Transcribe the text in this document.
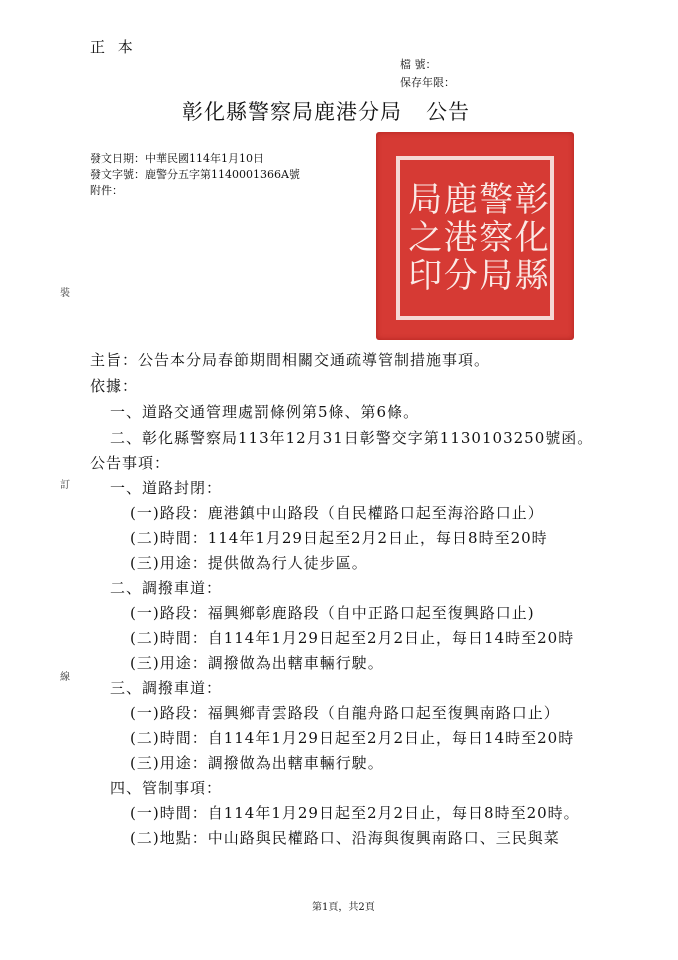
正 本
檔 號：
保存年限：
彰化縣警察局鹿港分局 公告
發文日期：中華民國114年1月10日
發文字號：鹿警分五字第1140001366A號
附件：	彰化縣
警察局
鹿港分
局之印
裝
訂
線
主旨：公告本分局春節期間相關交通疏導管制措施事項。
依據：
一、道路交通管理處罰條例第5條、第6條。
二、彰化縣警察局113年12月31日彰警交字第1130103250號函。
公告事項：
一、道路封閉：
(一)路段：鹿港鎮中山路段（自民權路口起至海浴路口止）
(二)時間：114年1月29日起至2月2日止，每日8時至20時
(三)用途：提供做為行人徒步區。
二、調撥車道：
(一)路段：福興鄉彰鹿路段（自中正路口起至復興路口止)
(二)時間：自114年1月29日起至2月2日止，每日14時至20時
(三)用途：調撥做為出轄車輛行駛。
三、調撥車道：
(一)路段：福興鄉青雲路段（自龍舟路口起至復興南路口止）
(二)時間：自114年1月29日起至2月2日止，每日14時至20時
(三)用途：調撥做為出轄車輛行駛。
四、管制事項：
(一)時間：自114年1月29日起至2月2日止，每日8時至20時。
(二)地點：中山路與民權路口、沿海與復興南路口、三民與菜
第1頁，共2頁
